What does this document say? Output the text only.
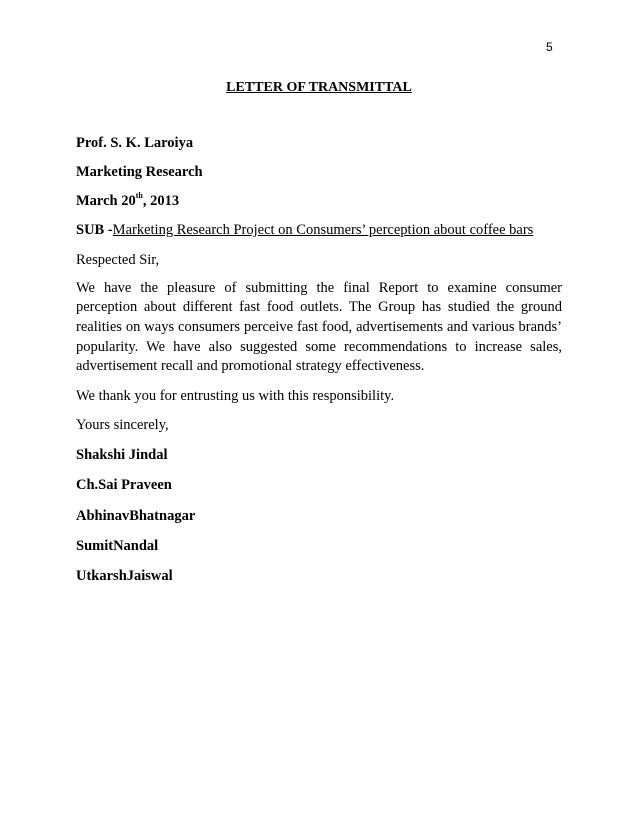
5
LETTER OF TRANSMITTAL
Prof. S. K. Laroiya
Marketing Research
March 20th, 2013
SUB -Marketing Research Project on Consumers’ perception about coffee bars
Respected Sir,
We have the pleasure of submitting the final Report to examine consumer
perception about different fast food outlets. The Group has studied the ground
realities on ways consumers perceive fast food, advertisements and various brands’
popularity. We have also suggested some recommendations to increase sales,
advertisement recall and promotional strategy effectiveness.
We thank you for entrusting us with this responsibility.
Yours sincerely,
Shakshi Jindal
Ch.Sai Praveen
AbhinavBhatnagar
SumitNandal
UtkarshJaiswal
